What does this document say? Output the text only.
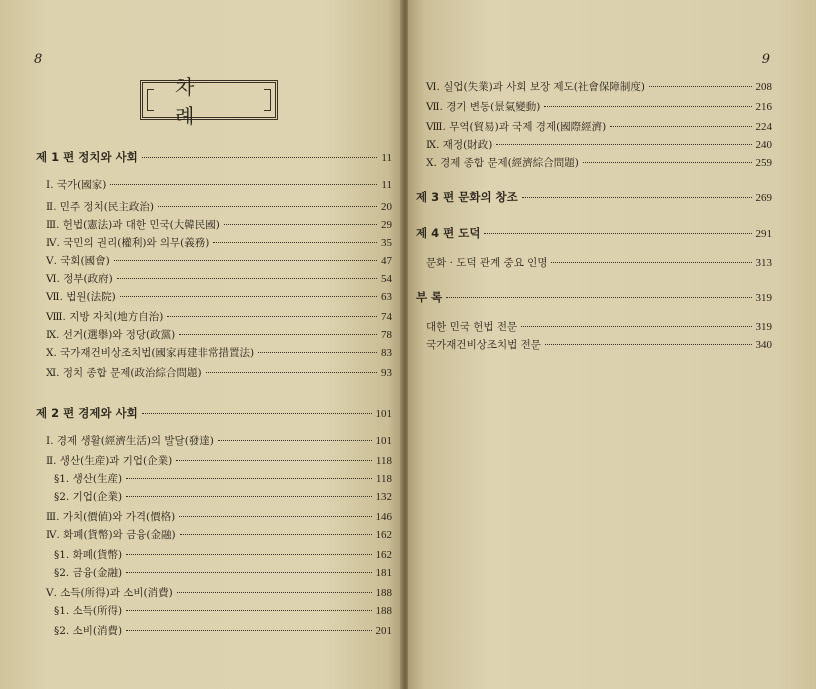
8
차 례
제 1 편 정치와 사회	11
Ⅰ. 국가(國家)	11
Ⅱ. 민주 정치(民主政治)	20
Ⅲ. 헌법(憲法)과 대한 민국(大韓民國)	29
Ⅳ. 국민의 권리(權利)와 의무(義務)	35
Ⅴ. 국회(國會)	47
Ⅵ. 정부(政府)	54
Ⅶ. 법원(法院)	63
Ⅷ. 지방 자치(地方自治)	74
Ⅸ. 선거(選擧)와 정당(政黨)	78
Ⅹ. 국가재건비상조치법(國家再建非常措置法)	83
Ⅺ. 정치 종합 문제(政治綜合問題)	93
제 2 편 경제와 사회	101
Ⅰ. 경제 생활(經濟生活)의 발달(發達)	101
Ⅱ. 생산(生産)과 기업(企業)	118
§1. 생산(生産)	118
§2. 기업(企業)	132
Ⅲ. 가치(價値)와 가격(價格)	146
Ⅳ. 화폐(貨幣)와 금융(金融)	162
§1. 화폐(貨幣)	162
§2. 금융(金融)	181
Ⅴ. 소득(所得)과 소비(消費)	188
§1. 소득(所得)	188
§2. 소비(消費)	201
9
Ⅵ. 실업(失業)과 사회 보장 제도(社會保障制度)	208
Ⅶ. 경기 변동(景氣變動)	216
Ⅷ. 무역(貿易)과 국제 경제(國際經濟)	224
Ⅸ. 재정(財政)	240
Ⅹ. 경제 종합 문제(經濟綜合問題)	259
제 3 편 문화의 창조	269
제 4 편 도덕	291
문화 · 도덕 관계 중요 인명	313
부 록	319
대한 민국 헌법 전문	319
국가재건비상조치법 전문	340
